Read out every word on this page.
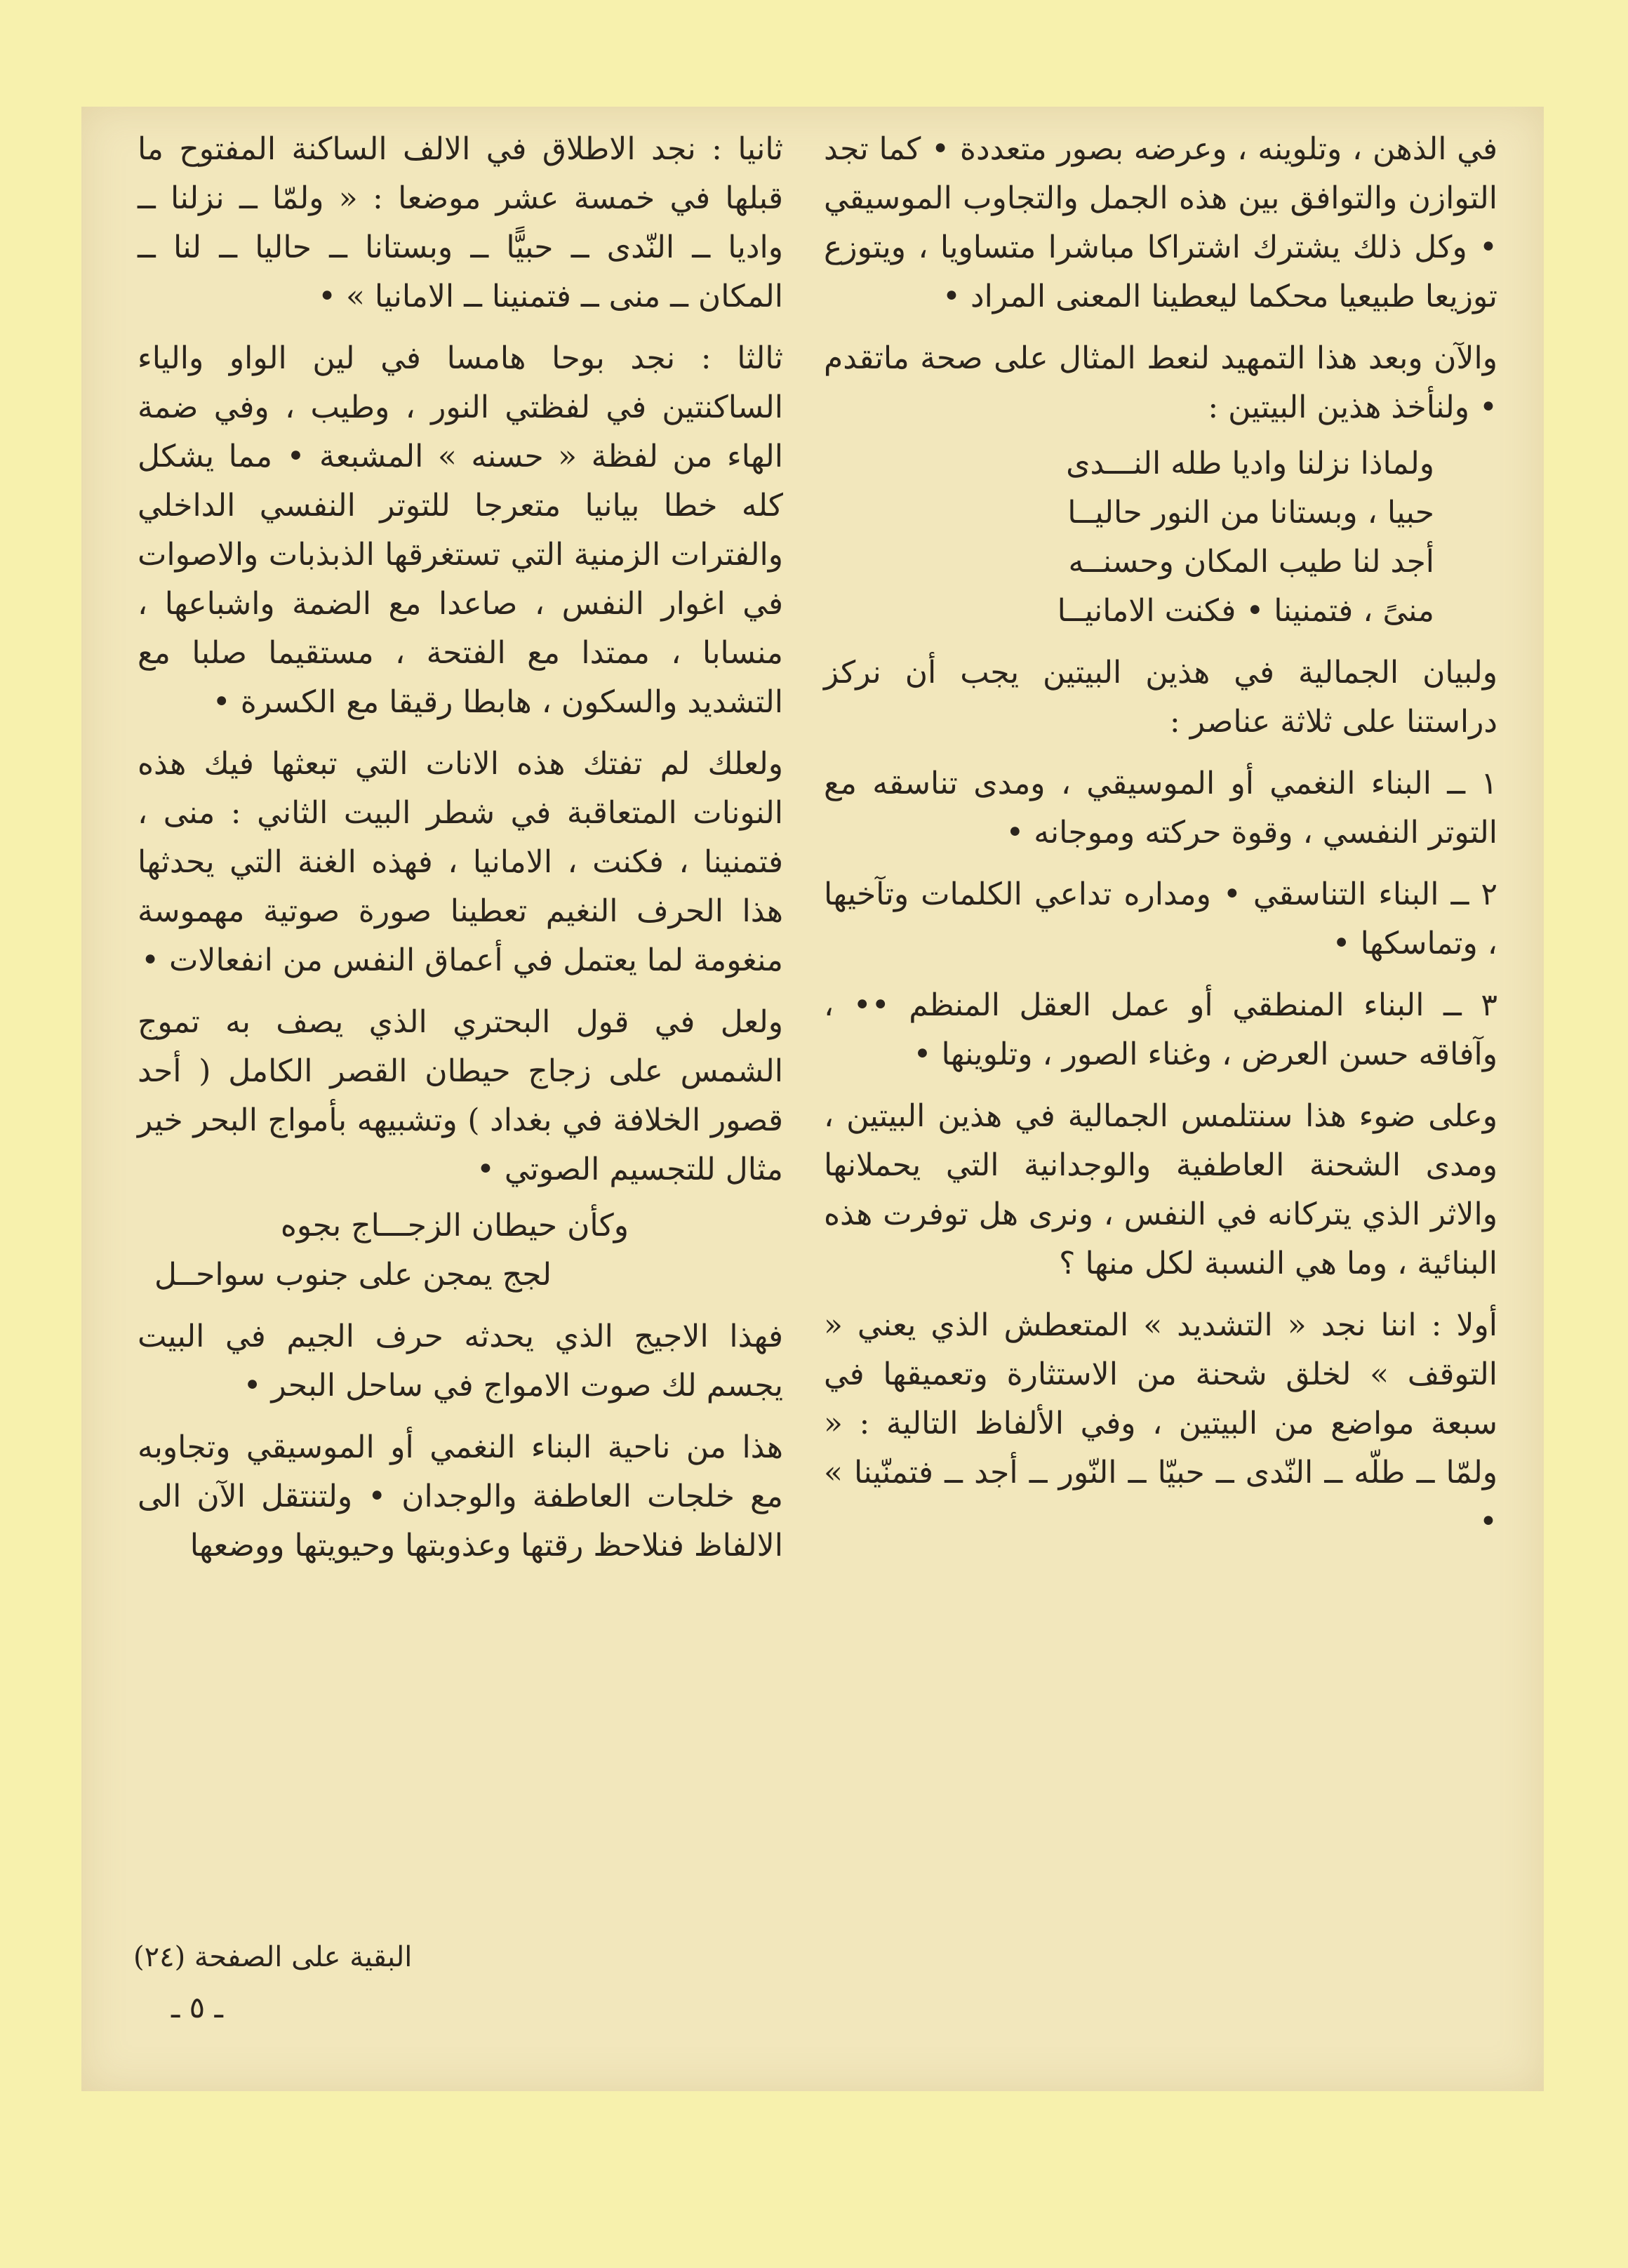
في الذهن ، وتلوينه ، وعرضه بصور متعددة • كما تجد التوازن والتوافق بين هذه الجمل والتجاوب الموسيقي • وكل ذلك يشترك اشتراكا مباشرا متساويا ، ويتوزع توزيعا طبيعيا محكما ليعطينا المعنى المراد •

والآن وبعد هذا التمهيد لنعط المثال على صحة ماتقدم • ولنأخذ هذين البيتين :

ولماذا نزلنا واديا طله النـــدى
حبيا ، وبستانا من النور حاليــا
أجد لنا طيب المكان وحسنــه
منىً ، فتمنينا • فكنت الامانيــا

ولبيان الجمالية في هذين البيتين يجب أن نركز دراستنا على ثلاثة عناصر :

١ ــ البناء النغمي أو الموسيقي ، ومدى تناسقه مع التوتر النفسي ، وقوة حركته وموجانه •

٢ ــ البناء التناسقي • ومداره تداعي الكلمات وتآخيها ، وتماسكها •

٣ ــ البناء المنطقي أو عمل العقل المنظم •• ، وآفاقه حسن العرض ، وغناء الصور ، وتلوينها •

وعلى ضوء هذا سنتلمس الجمالية في هذين البيتين ، ومدى الشحنة العاطفية والوجدانية التي يحملانها والاثر الذي يتركانه في النفس ، ونرى هل توفرت هذه البنائية ، وما هي النسبة لكل منها ؟

أولا : اننا نجد « التشديد » المتعطش الذي يعني « التوقف » لخلق شحنة من الاستثارة وتعميقها في سبعة مواضع من البيتين ، وفي الألفاظ التالية : « ولمّا ــ طلّه ــ النّدى ــ حبيّا ــ النّور ــ أجد ــ فتمنّينا » •

ثانيا : نجد الاطلاق في الالف الساكنة المفتوح ما قبلها في خمسة عشر موضعا : « ولمّا ــ نزلنا ــ واديا ــ النّدى ــ حبيًّا ــ وبستانا ــ حاليا ــ لنا ــ المكان ــ منى ــ فتمنينا ــ الامانيا » •

ثالثا : نجد بوحا هامسا في لين الواو والياء الساكنتين في لفظتي النور ، وطيب ، وفي ضمة الهاء من لفظة « حسنه » المشبعة • مما يشكل كله خطا بيانيا متعرجا للتوتر النفسي الداخلي والفترات الزمنية التي تستغرقها الذبذبات والاصوات في اغوار النفس ، صاعدا مع الضمة واشباعها ، منسابا ، ممتدا مع الفتحة ، مستقيما صلبا مع التشديد والسكون ، هابطا رقيقا مع الكسرة •

ولعلك لم تفتك هذه الانات التي تبعثها فيك هذه النونات المتعاقبة في شطر البيت الثاني : منى ، فتمنينا ، فكنت ، الامانيا ، فهذه الغنة التي يحدثها هذا الحرف النغيم تعطينا صورة صوتية مهموسة منغومة لما يعتمل في أعماق النفس من انفعالات •

ولعل في قول البحتري الذي يصف به تموج الشمس على زجاج حيطان القصر الكامل ( أحد قصور الخلافة في بغداد ) وتشبيهه بأمواج البحر خير مثال للتجسيم الصوتي •

وكأن حيطان الزجـــاج بجوه
لجج يمجن على جنوب سواحــل

فهذا الاجيج الذي يحدثه حرف الجيم في البيت يجسم لك صوت الامواج في ساحل البحر •

هذا من ناحية البناء النغمي أو الموسيقي وتجاوبه مع خلجات العاطفة والوجدان • ولتنتقل الآن الى الالفاظ فنلاحظ رقتها وعذوبتها وحيويتها ووضعها

البقية على الصفحة (٢٤)
ـ ٥ ـ
